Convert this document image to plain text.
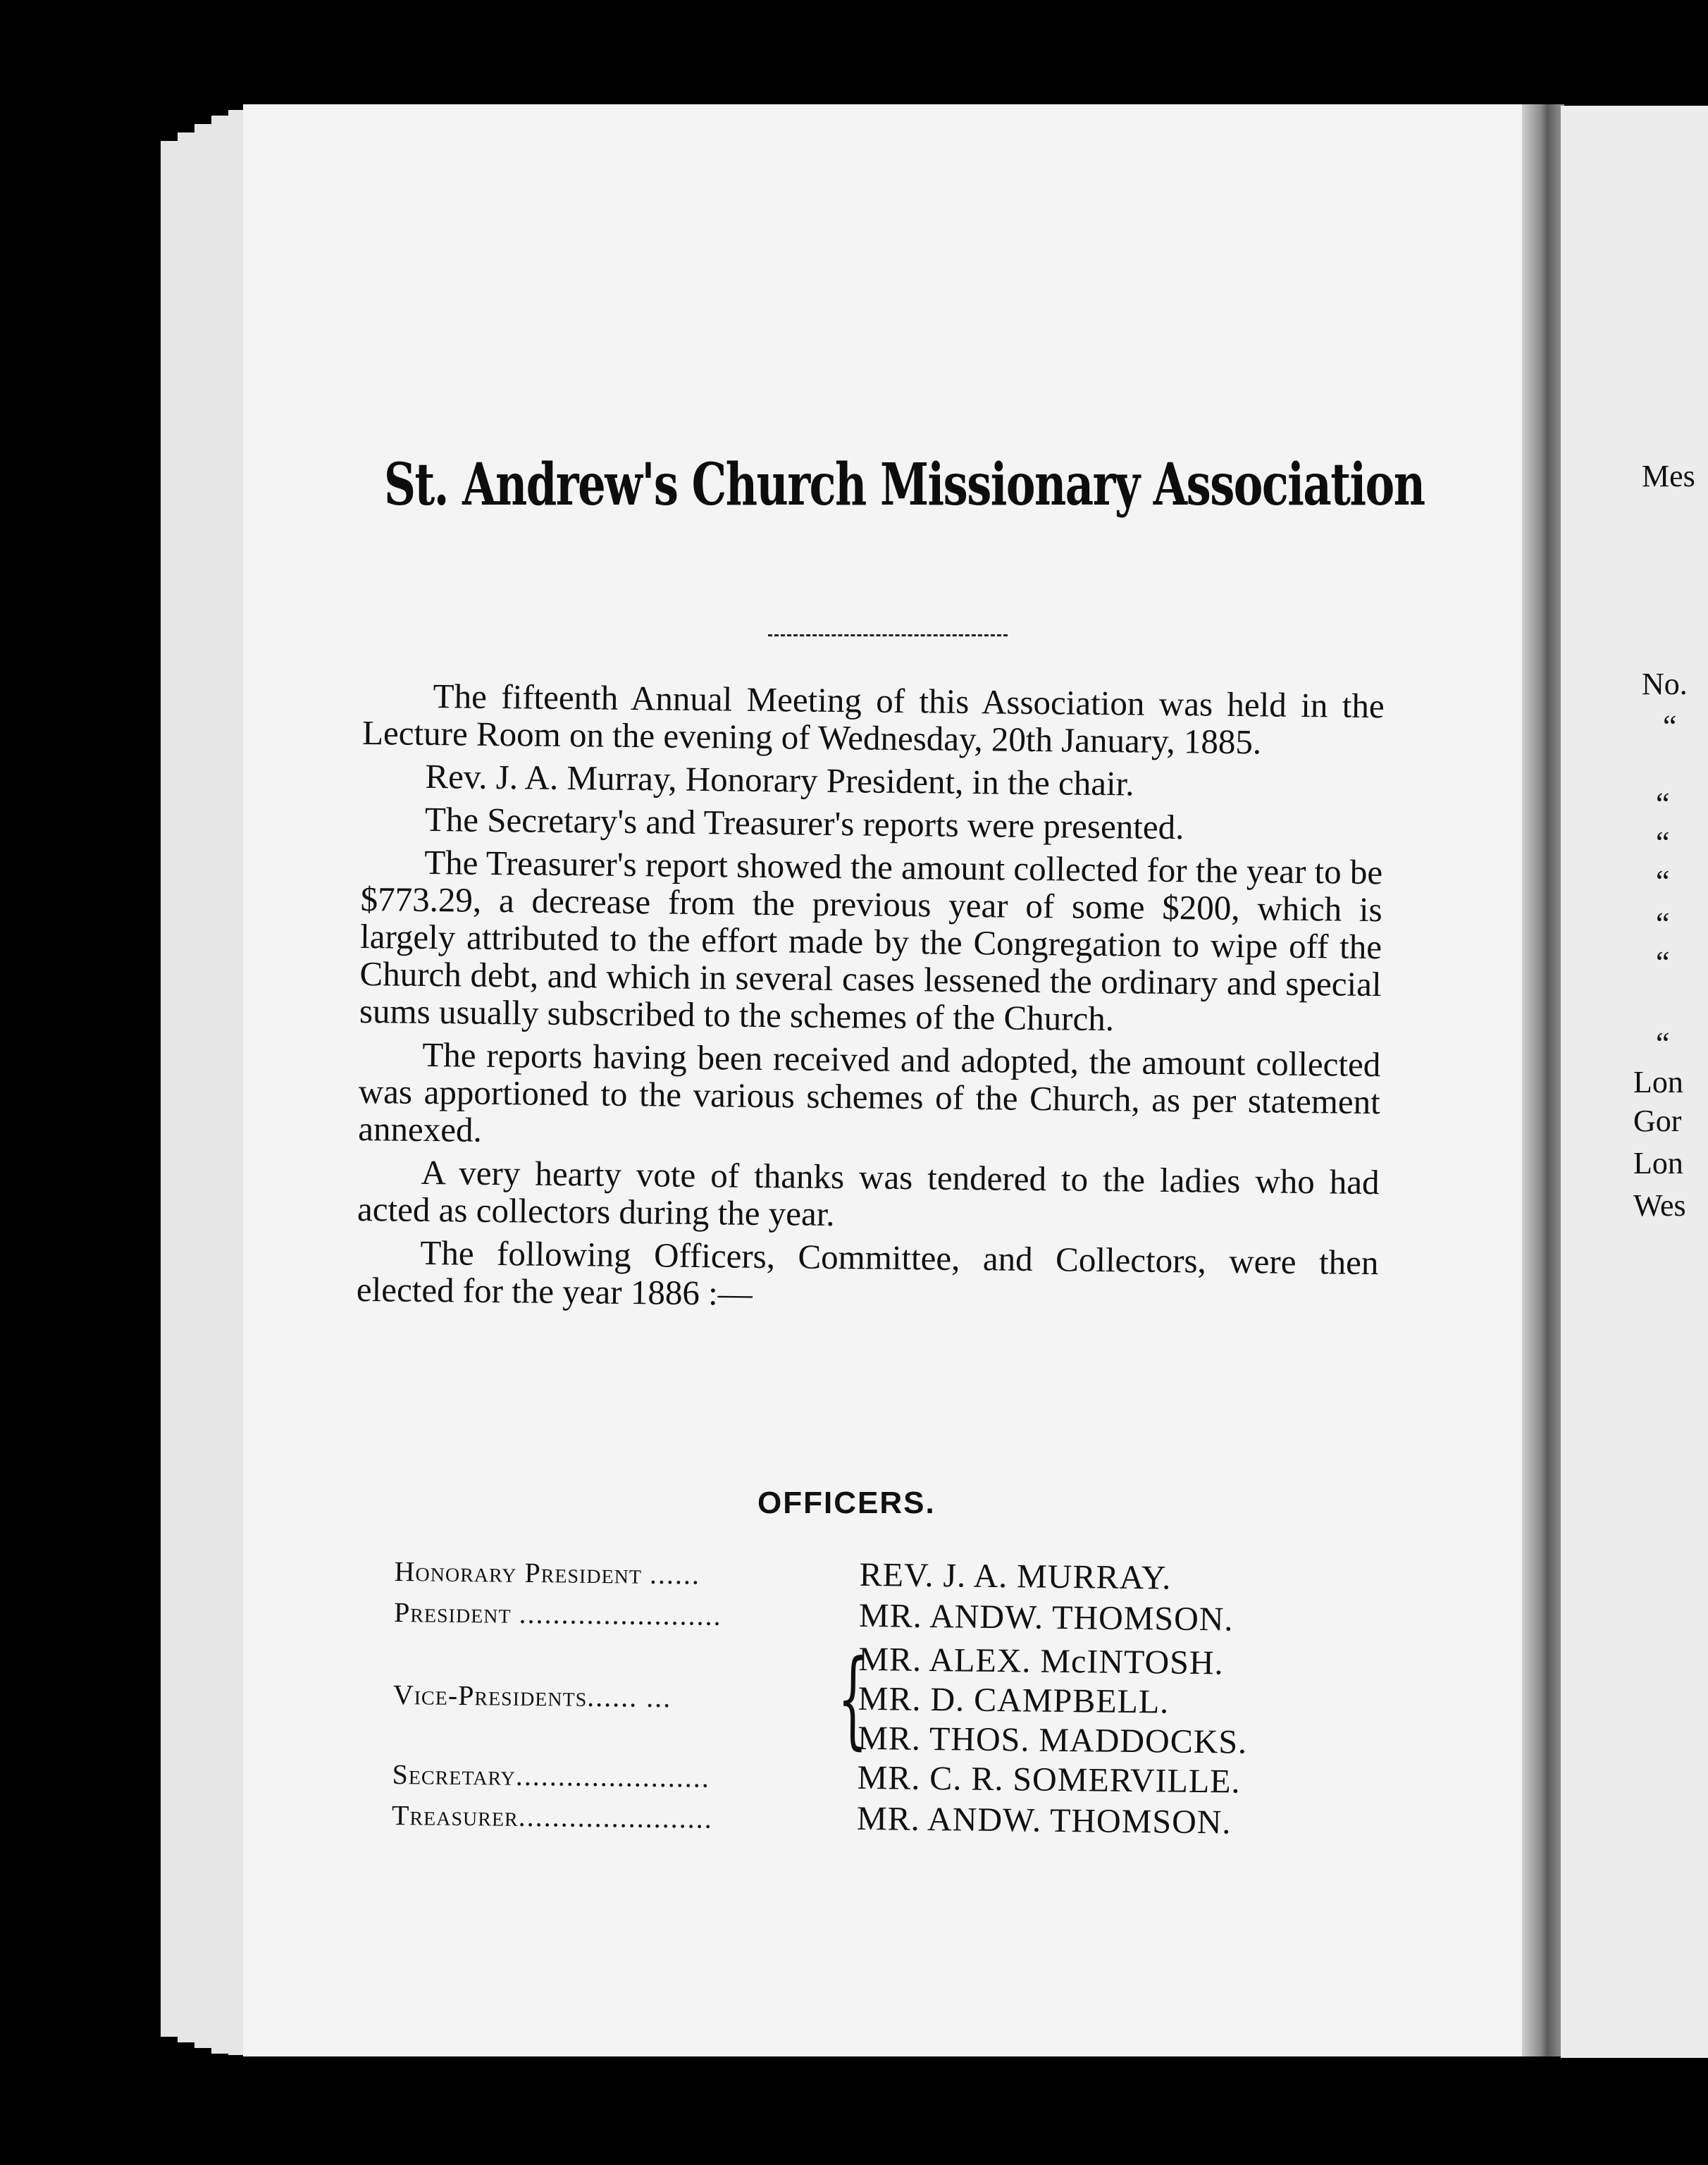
St. Andrew's Church Missionary Association

The fifteenth Annual Meeting of this Association was held in the Lecture Room on the evening of Wednesday, 20th January, 1885.

Rev. J. A. Murray, Honorary President, in the chair.

The Secretary's and Treasurer's reports were presented.

The Treasurer's report showed the amount collected for the year to be $773.29, a decrease from the previous year of some $200, which is largely attributed to the effort made by the Congregation to wipe off the Church debt, and which in several cases lessened the ordinary and special sums usually subscribed to the schemes of the Church.

The reports having been received and adopted, the amount collected was apportioned to the various schemes of the Church, as per statement annexed.

A very hearty vote of thanks was tendered to the ladies who had acted as collectors during the year.

The following Officers, Committee, and Collectors, were then elected for the year 1886 :—

OFFICERS.
Honorary President ......	REV. J. A. MURRAY.
President ........................	MR. ANDW. THOMSON.
Vice-Presidents...... ...	{
MR. ALEX. McINTOSH.
MR. D. CAMPBELL.
MR. THOS. MADDOCKS.
Secretary.......................	MR. C. R. SOMERVILLE.
Treasurer.......................	MR. ANDW. THOMSON.
Mes
No.
“
“
“
“
“
“
“
Lon
Gor
Lon
Wes
